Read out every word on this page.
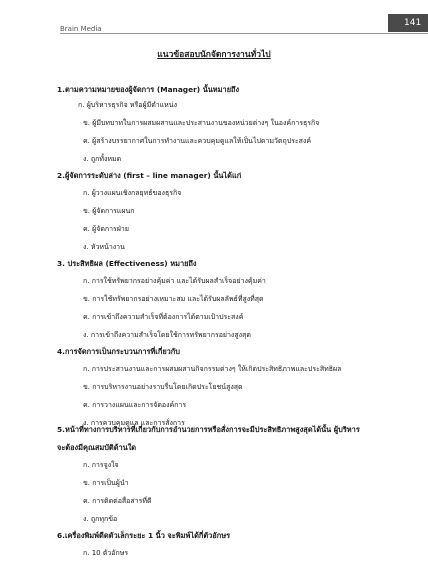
Brain Media
141
แนวข้อสอบนักจัดการงานทั่วไป
1.ตามความหมายของผู้จัดการ (Manager) นั้นหมายถึง
ก. ผู้บริหารธุรกิจ หรือผู้มีตำแหน่ง
ข. ผู้มีบทบาทในการผสมผสานและประสานงานของหน่วยต่างๆ ในองค์การธุรกิจ
ค. ผู้สร้างบรรยากาศในการทำงานและควบคุมดูแลให้เป็นไปตามวัตถุประสงค์
ง. ถูกทั้งหมด
2.ผู้จัดการระดับล่าง (first – line manager) นั้นได้แก่
ก. ผู้วางแผนเชิงกลยุทธ์ของธุรกิจ
ข. ผู้จัดการแผนก
ค. ผู้จัดการฝ่าย
ง. หัวหน้างาน
3. ประสิทธิผล (Effectiveness) หมายถึง
ก. การใช้ทรัพยากรอย่างคุ้มค่า และได้รับผลสำเร็จอย่างคุ้มค่า
ข. การใช้ทรัพยากรอย่างเหมาะสม และได้รับผลลัพธ์ที่สูงที่สุด
ค. การเข้าถึงความสำเร็จที่ต้องการได้ตามเป้าประสงค์
ง. การเข้าถึงความสำเร็จโดยใช้การทรัพยากรอย่างสูงสุด
4.การจัดการเป็นกระบวนการที่เกี่ยวกับ
ก. การประสานงานและการผสมผสานกิจกรรมต่างๆ ให้เกิดประสิทธิภาพและประสิทธิผล
ข. การบริหารงานอย่างราบรื่นโดยเกิดประโยชน์สูงสุด
ค. การวางแผนและการจัดองค์การ
ง. การควบคุมดูแล และการสั่งการ
5.หน้าที่ทางการบริหารที่เกี่ยวกับการอำนวยการหรือสั่งการจะมีประสิทธิภาพสูงสุดได้นั้น ผู้บริหาร
จะต้องมีคุณสมบัติด้านใด
ก. การจูงใจ
ข. การเป็นผู้นำ
ค. การติดต่อสื่อสารที่ดี
ง. ถูกทุกข้อ
6.เครื่องพิมพ์ดีดตัวเล็กระยะ 1 นิ้ว จะพิมพ์ได้กี่ตัวอักษร
ก. 10 ตัวอักษร
